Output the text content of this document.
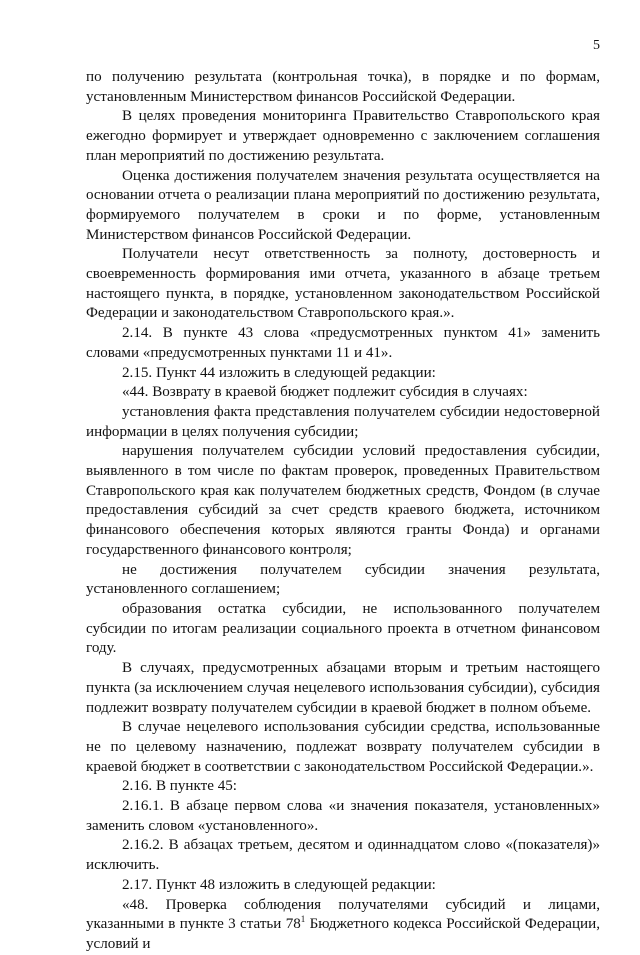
5

по получению результата (контрольная точка), в порядке и по формам, установленным Министерством финансов Российской Федерации.

В целях проведения мониторинга Правительство Ставропольского края ежегодно формирует и утверждает одновременно с заключением соглашения план мероприятий по достижению результата.

Оценка достижения получателем значения результата осуществляется на основании отчета о реализации плана мероприятий по достижению результата, формируемого получателем в сроки и по форме, установленным Министерством финансов Российской Федерации.

Получатели несут ответственность за полноту, достоверность и своевременность формирования ими отчета, указанного в абзаце третьем настоящего пункта, в порядке, установленном законодательством Российской Федерации и законодательством Ставропольского края.».

2.14. В пункте 43 слова «предусмотренных пунктом 41» заменить словами «предусмотренных пунктами 11 и 41».

2.15. Пункт 44 изложить в следующей редакции:

«44. Возврату в краевой бюджет подлежит субсидия в случаях:

установления факта представления получателем субсидии недостоверной информации в целях получения субсидии;

нарушения получателем субсидии условий предоставления субсидии, выявленного в том числе по фактам проверок, проведенных Правительством Ставропольского края как получателем бюджетных средств, Фондом (в случае предоставления субсидий за счет средств краевого бюджета, источником финансового обеспечения которых являются гранты Фонда) и органами государственного финансового контроля;

не достижения получателем субсидии значения результата, установленного соглашением;

образования остатка субсидии, не использованного получателем субсидии по итогам реализации социального проекта в отчетном финансовом году.

В случаях, предусмотренных абзацами вторым и третьим настоящего пункта (за исключением случая нецелевого использования субсидии), субсидия подлежит возврату получателем субсидии в краевой бюджет в полном объеме.

В случае нецелевого использования субсидии средства, использованные не по целевому назначению, подлежат возврату получателем субсидии в краевой бюджет в соответствии с законодательством Российской Федерации.».

2.16. В пункте 45:

2.16.1. В абзаце первом слова «и значения показателя, установленных» заменить словом «установленного».

2.16.2. В абзацах третьем, десятом и одиннадцатом слово «(показателя)» исключить.

2.17. Пункт 48 изложить в следующей редакции:

«48. Проверка соблюдения получателями субсидий и лицами, указанными в пункте 3 статьи $78^1$ Бюджетного кодекса Российской Федерации, условий и
